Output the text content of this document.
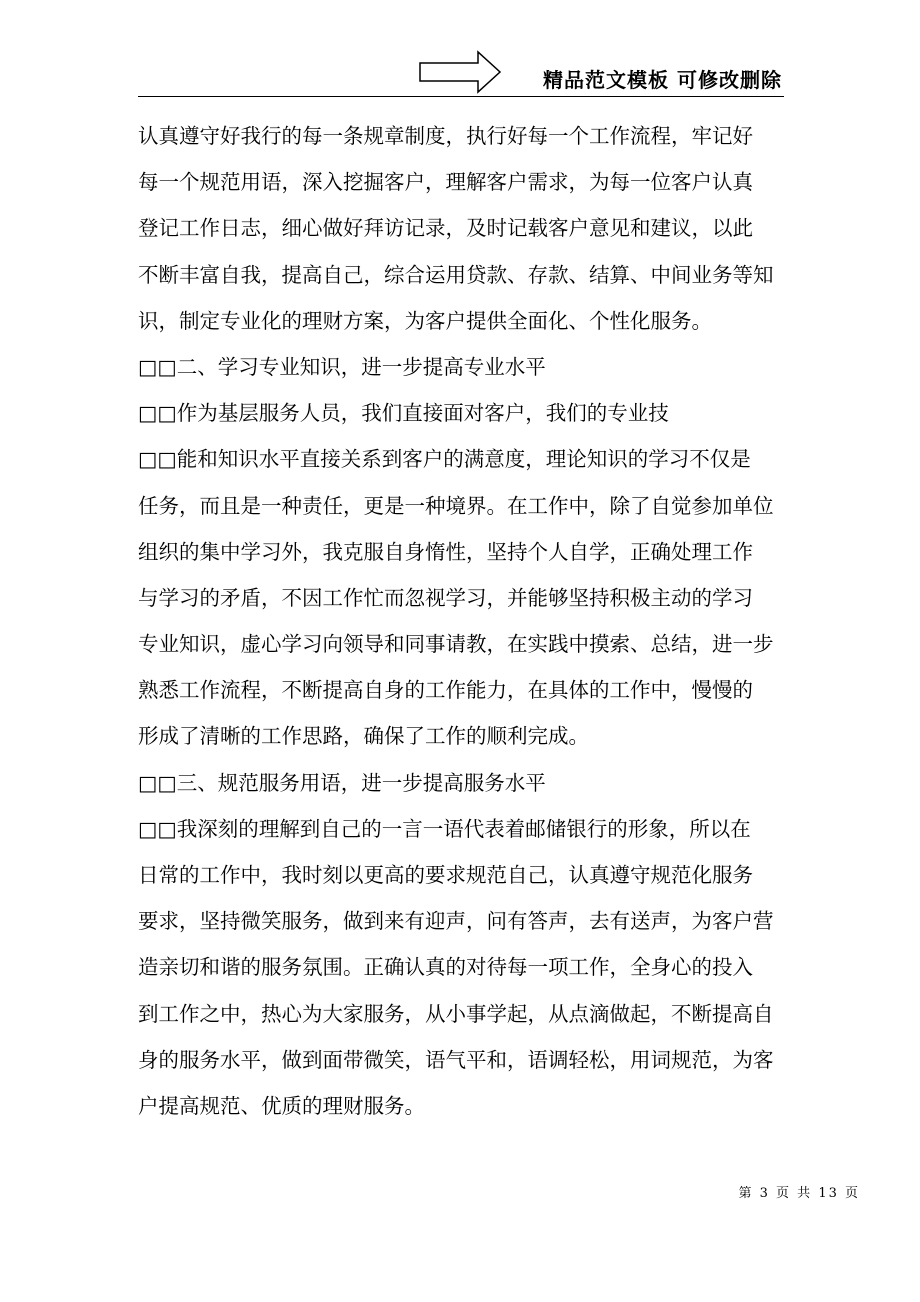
精品范文模板 可修改删除
认真遵守好我行的每一条规章制度，执行好每一个工作流程，牢记好
每一个规范用语，深入挖掘客户，理解客户需求，为每一位客户认真
登记工作日志，细心做好拜访记录，及时记载客户意见和建议，以此
不断丰富自我，提高自己，综合运用贷款、存款、结算、中间业务等知
识，制定专业化的理财方案，为客户提供全面化、个性化服务。
□□二、学习专业知识，进一步提高专业水平
□□作为基层服务人员，我们直接面对客户，我们的专业技
□□能和知识水平直接关系到客户的满意度，理论知识的学习不仅是
任务，而且是一种责任，更是一种境界。在工作中，除了自觉参加单位
组织的集中学习外，我克服自身惰性，坚持个人自学，正确处理工作
与学习的矛盾，不因工作忙而忽视学习，并能够坚持积极主动的学习
专业知识，虚心学习向领导和同事请教，在实践中摸索、总结，进一步
熟悉工作流程，不断提高自身的工作能力，在具体的工作中，慢慢的
形成了清晰的工作思路，确保了工作的顺利完成。
□□三、规范服务用语，进一步提高服务水平
□□我深刻的理解到自己的一言一语代表着邮储银行的形象，所以在
日常的工作中，我时刻以更高的要求规范自己，认真遵守规范化服务
要求，坚持微笑服务，做到来有迎声，问有答声，去有送声，为客户营
造亲切和谐的服务氛围。正确认真的对待每一项工作，全身心的投入
到工作之中，热心为大家服务，从小事学起，从点滴做起，不断提高自
身的服务水平，做到面带微笑，语气平和，语调轻松，用词规范，为客
户提高规范、优质的理财服务。
第 3 页 共 13 页
